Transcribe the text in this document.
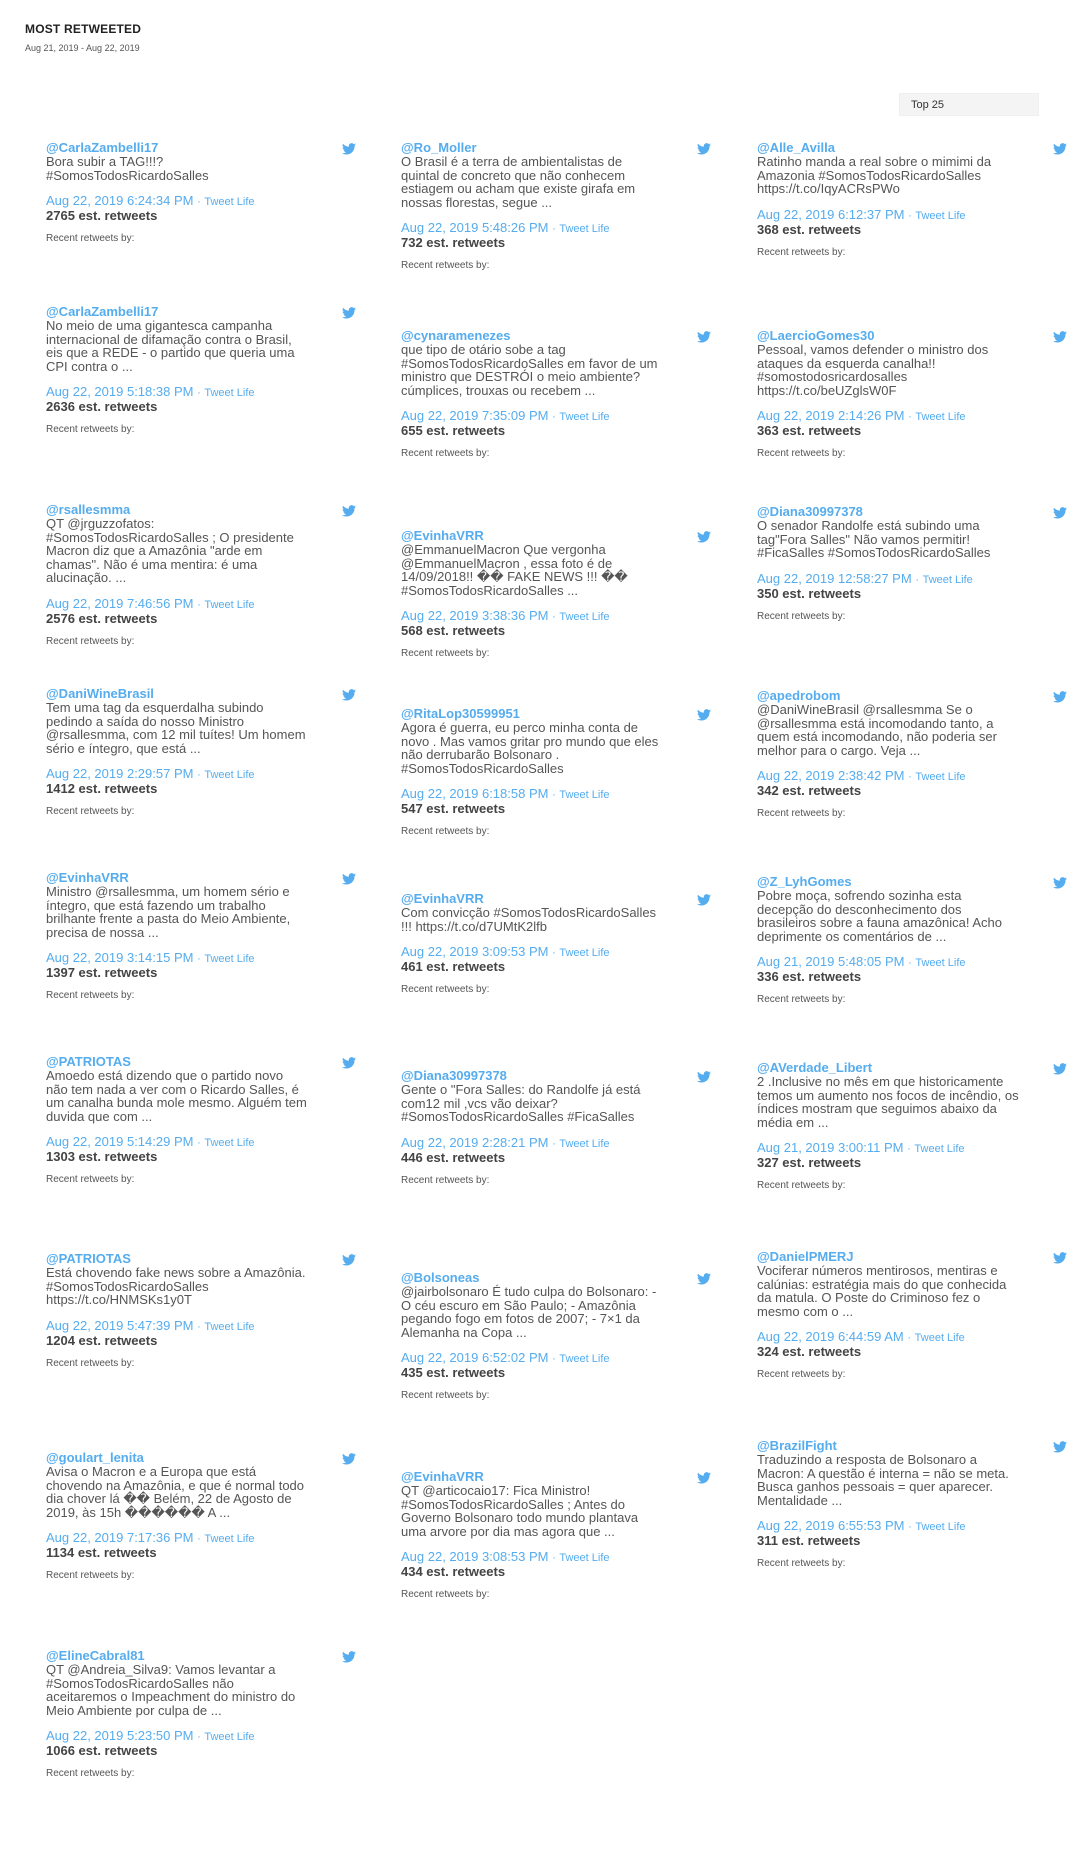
MOST RETWEETED
Aug 21, 2019 - Aug 22, 2019
Top 25
@CarlaZambelli17
Bora subir a TAG!!!? #SomosTodosRicardoSalles
Aug 22, 2019 6:24:34 PM · Tweet Life
2765 est. retweets
Recent retweets by:
@CarlaZambelli17
No meio de uma gigantesca campanha internacional de difamação contra o Brasil, eis que a REDE - o partido que queria uma CPI contra o ...
Aug 22, 2019 5:18:38 PM · Tweet Life
2636 est. retweets
Recent retweets by:
@rsallesmma
QT @jrguzzofatos: #SomosTodosRicardoSalles ; O presidente Macron diz que a Amazônia "arde em chamas". Não é uma mentira: é uma alucinação. ...
Aug 22, 2019 7:46:56 PM · Tweet Life
2576 est. retweets
Recent retweets by:
@DaniWineBrasil
Tem uma tag da esquerdalha subindo pedindo a saída do nosso Ministro @rsallesmma, com 12 mil tuítes! Um homem sério e íntegro, que está ...
Aug 22, 2019 2:29:57 PM · Tweet Life
1412 est. retweets
Recent retweets by:
@EvinhaVRR
Ministro @rsallesmma, um homem sério e íntegro, que está fazendo um trabalho brilhante frente a pasta do Meio Ambiente, precisa de nossa ...
Aug 22, 2019 3:14:15 PM · Tweet Life
1397 est. retweets
Recent retweets by:
@PATRIOTAS
Amoedo está dizendo que o partido novo não tem nada a ver com o Ricardo Salles, é um canalha bunda mole mesmo. Alguém tem duvida que com ...
Aug 22, 2019 5:14:29 PM · Tweet Life
1303 est. retweets
Recent retweets by:
@PATRIOTAS
Está chovendo fake news sobre a Amazônia. #SomosTodosRicardoSalles https://t.co/HNMSKs1y0T
Aug 22, 2019 5:47:39 PM · Tweet Life
1204 est. retweets
Recent retweets by:
@goulart_lenita
Avisa o Macron e a Europa que está chovendo na Amazônia, e que é normal todo dia chover lá �� Belém, 22 de Agosto de 2019, às 15h ������ A ...
Aug 22, 2019 7:17:36 PM · Tweet Life
1134 est. retweets
Recent retweets by:
@ElineCabral81
QT @Andreia_Silva9: Vamos levantar a #SomosTodosRicardoSalles não aceitaremos o Impeachment do ministro do Meio Ambiente por culpa de ...
Aug 22, 2019 5:23:50 PM · Tweet Life
1066 est. retweets
Recent retweets by:
@Ro_Moller
O Brasil é a terra de ambientalistas de quintal de concreto que não conhecem estiagem ou acham que existe girafa em nossas florestas, segue ...
Aug 22, 2019 5:48:26 PM · Tweet Life
732 est. retweets
Recent retweets by:
@cynaramenezes
que tipo de otário sobe a tag #SomosTodosRicardoSalles em favor de um ministro que DESTRÓI o meio ambiente? cúmplices, trouxas ou recebem ...
Aug 22, 2019 7:35:09 PM · Tweet Life
655 est. retweets
Recent retweets by:
@EvinhaVRR
@EmmanuelMacron Que vergonha @EmmanuelMacron , essa foto é de 14/09/2018!! �� FAKE NEWS !!! �� #SomosTodosRicardoSalles ...
Aug 22, 2019 3:38:36 PM · Tweet Life
568 est. retweets
Recent retweets by:
@RitaLop30599951
Agora é guerra, eu perco minha conta de novo . Mas vamos gritar pro mundo que eles não derrubarão Bolsonaro . #SomosTodosRicardoSalles
Aug 22, 2019 6:18:58 PM · Tweet Life
547 est. retweets
Recent retweets by:
@EvinhaVRR
Com convicção #SomosTodosRicardoSalles !!! https://t.co/d7UMtK2lfb
Aug 22, 2019 3:09:53 PM · Tweet Life
461 est. retweets
Recent retweets by:
@Diana30997378
Gente o "Fora Salles: do Randolfe já está com12 mil ,vcs vão deixar? #SomosTodosRicardoSalles #FicaSalles
Aug 22, 2019 2:28:21 PM · Tweet Life
446 est. retweets
Recent retweets by:
@Bolsoneas
@jairbolsonaro É tudo culpa do Bolsonaro: - O céu escuro em São Paulo; - Amazônia pegando fogo em fotos de 2007; - 7×1 da Alemanha na Copa ...
Aug 22, 2019 6:52:02 PM · Tweet Life
435 est. retweets
Recent retweets by:
@EvinhaVRR
QT @articocaio17: Fica Ministro! #SomosTodosRicardoSalles ; Antes do Governo Bolsonaro todo mundo plantava uma arvore por dia mas agora que ...
Aug 22, 2019 3:08:53 PM · Tweet Life
434 est. retweets
Recent retweets by:
@Alle_Avilla
Ratinho manda a real sobre o mimimi da Amazonia #SomosTodosRicardoSalles https://t.co/IqyACRsPWo
Aug 22, 2019 6:12:37 PM · Tweet Life
368 est. retweets
Recent retweets by:
@LaercioGomes30
Pessoal, vamos defender o ministro dos ataques da esquerda canalha!! #somostodosricardosalles https://t.co/beUZglsW0F
Aug 22, 2019 2:14:26 PM · Tweet Life
363 est. retweets
Recent retweets by:
@Diana30997378
O senador Randolfe está subindo uma tag"Fora Salles" Não vamos permitir! #FicaSalles #SomosTodosRicardoSalles
Aug 22, 2019 12:58:27 PM · Tweet Life
350 est. retweets
Recent retweets by:
@apedrobom
@DaniWineBrasil @rsallesmma Se o @rsallesmma está incomodando tanto, a quem está incomodando, não poderia ser melhor para o cargo. Veja ...
Aug 22, 2019 2:38:42 PM · Tweet Life
342 est. retweets
Recent retweets by:
@Z_LyhGomes
Pobre moça, sofrendo sozinha esta decepção do desconhecimento dos brasileiros sobre a fauna amazônica! Acho deprimente os comentários de ...
Aug 21, 2019 5:48:05 PM · Tweet Life
336 est. retweets
Recent retweets by:
@AVerdade_Libert
2 .Inclusive no mês em que historicamente temos um aumento nos focos de incêndio, os índices mostram que seguimos abaixo da média em ...
Aug 21, 2019 3:00:11 PM · Tweet Life
327 est. retweets
Recent retweets by:
@DanielPMERJ
Vociferar números mentirosos, mentiras e calúnias: estratégia mais do que conhecida da matula. O Poste do Criminoso fez o mesmo com o ...
Aug 22, 2019 6:44:59 AM · Tweet Life
324 est. retweets
Recent retweets by:
@BrazilFight
Traduzindo a resposta de Bolsonaro a Macron: A questão é interna = não se meta. Busca ganhos pessoais = quer aparecer. Mentalidade ...
Aug 22, 2019 6:55:53 PM · Tweet Life
311 est. retweets
Recent retweets by:
